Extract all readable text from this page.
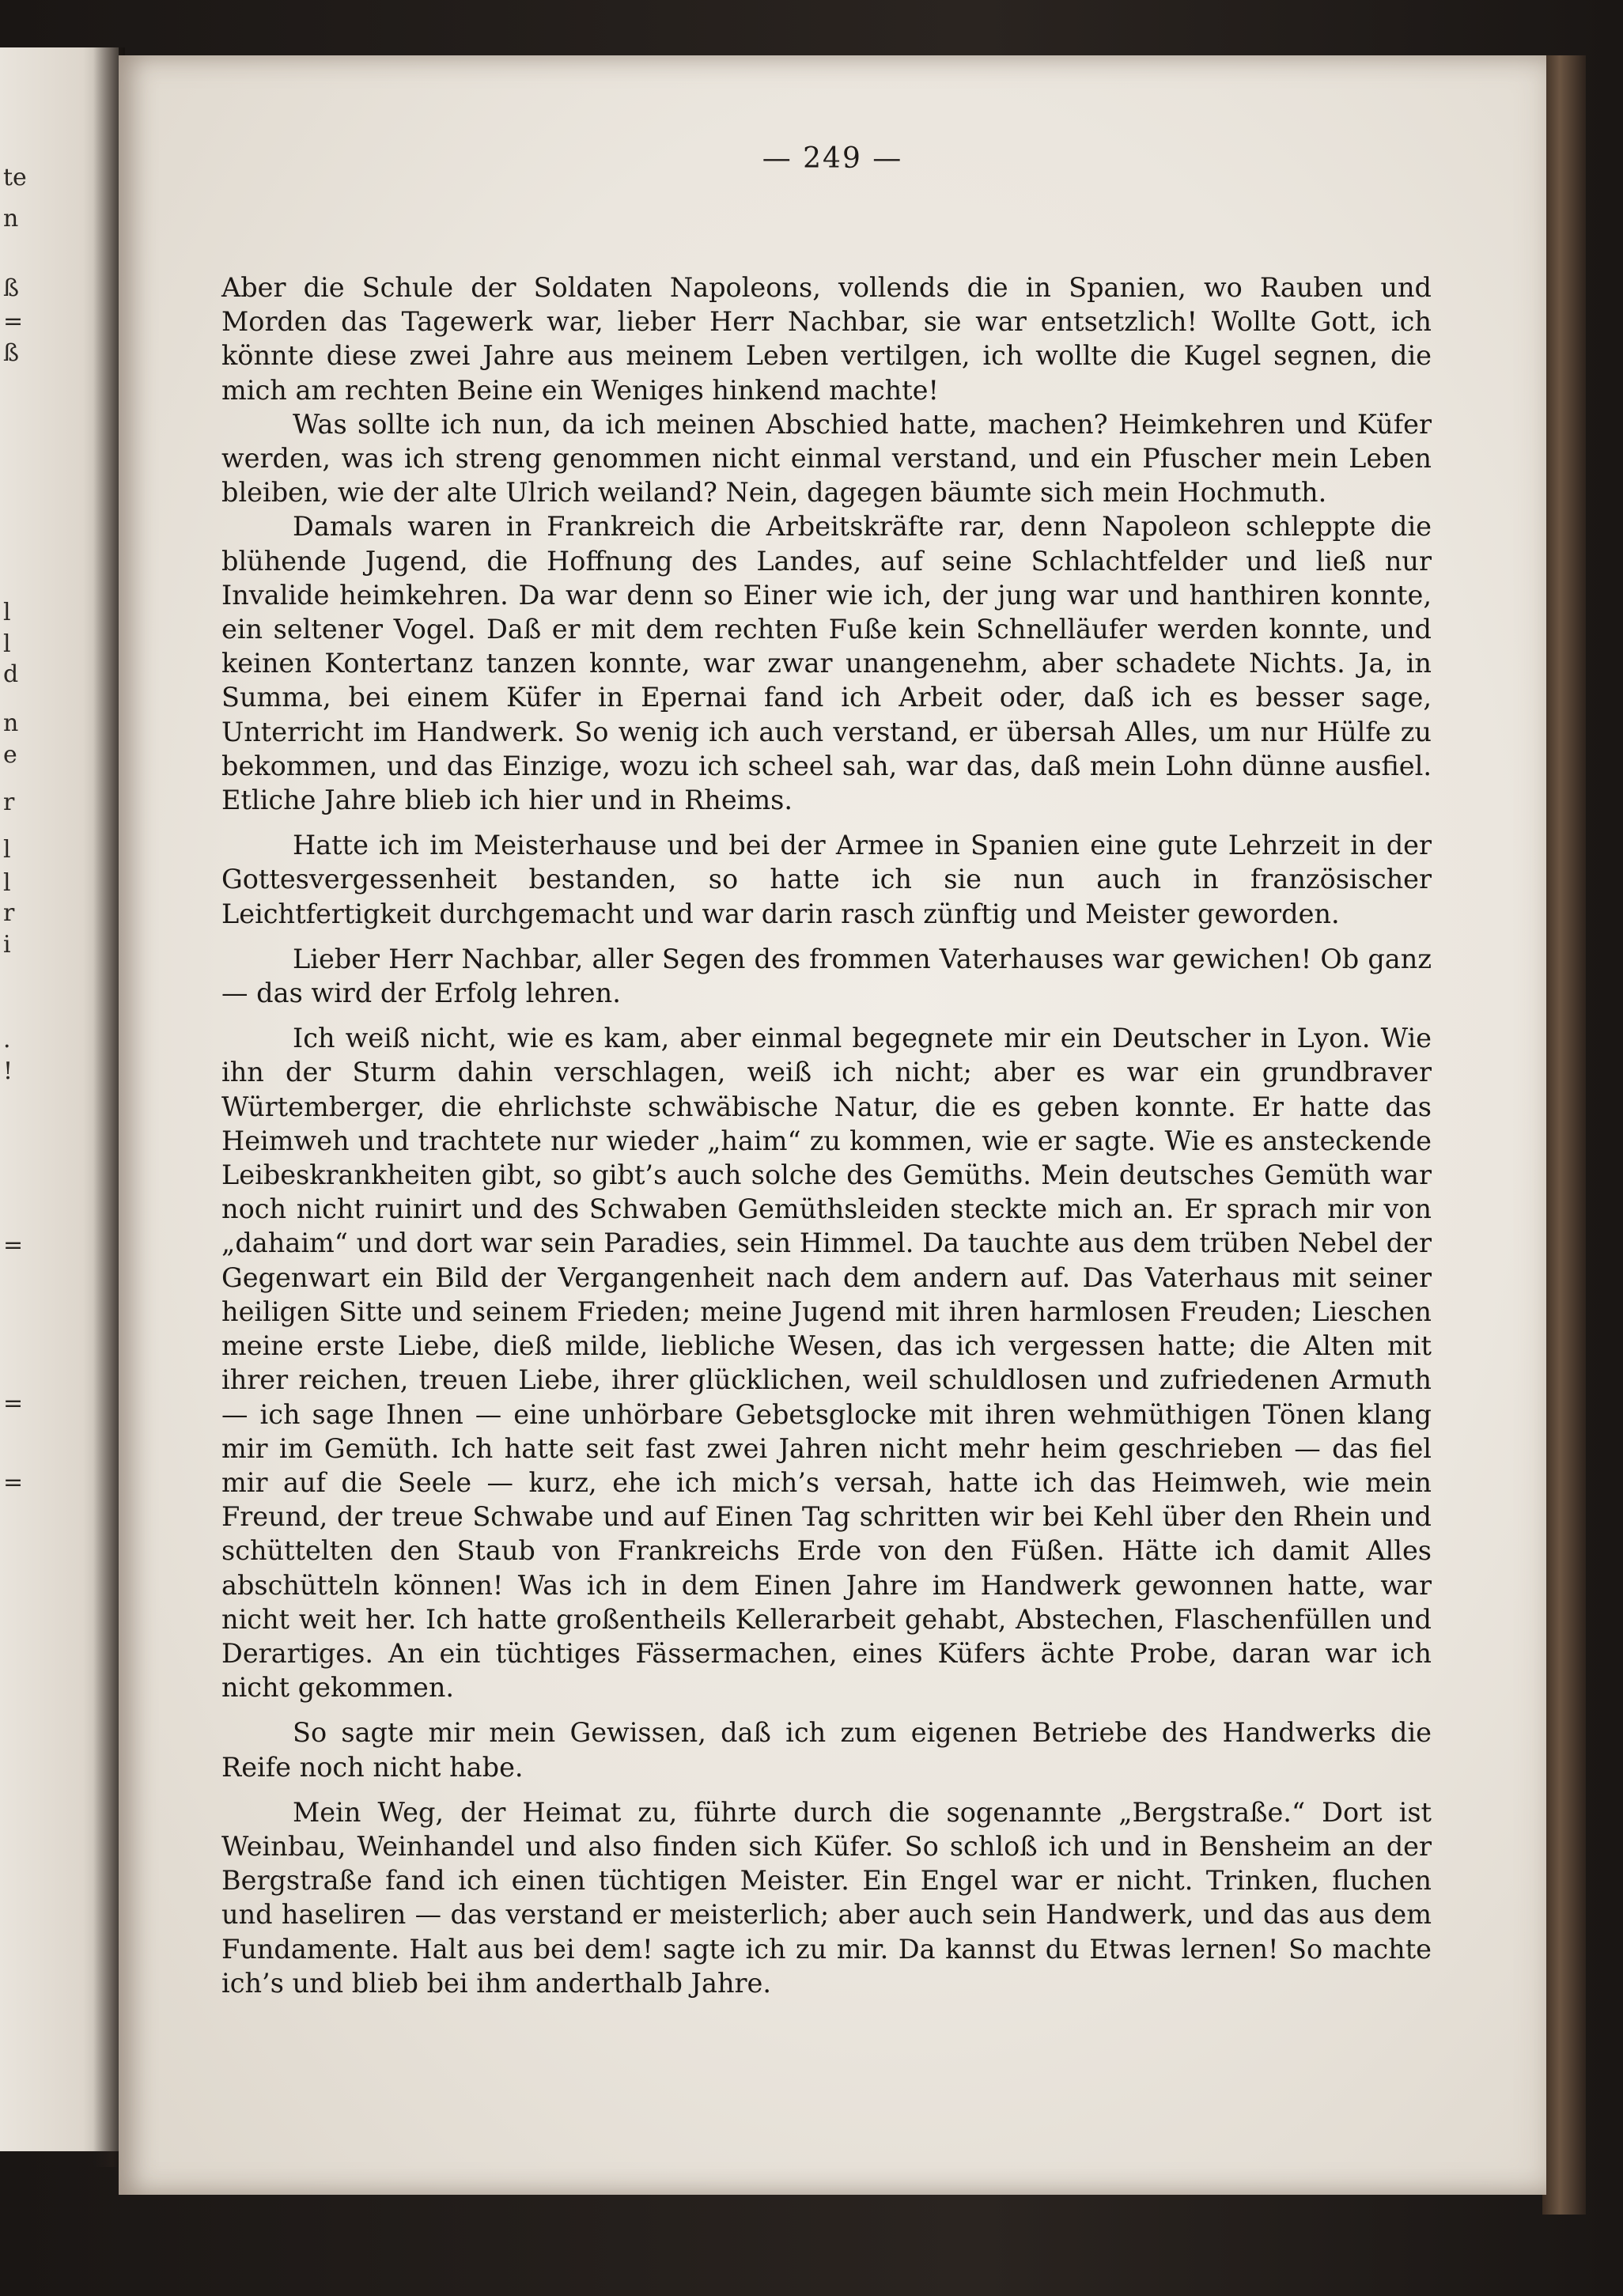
te
n
ß
=
ß
l
l
d
n
e
r
l
l
r
i
.
!
=
=
=
— 249 —

Aber die Schule der Soldaten Napoleons, vollends die in Spanien, wo Rauben und Morden das Tagewerk war, lieber Herr Nachbar, sie war entsetzlich! Wollte Gott, ich könnte diese zwei Jahre aus meinem Leben vertilgen, ich wollte die Kugel segnen, die mich am rechten Beine ein Weniges hinkend machte!

Was sollte ich nun, da ich meinen Abschied hatte, machen? Heimkehren und Küfer werden, was ich streng genommen nicht einmal verstand, und ein Pfuscher mein Leben bleiben, wie der alte Ulrich weiland? Nein, dagegen bäumte sich mein Hochmuth.

Damals waren in Frankreich die Arbeitskräfte rar, denn Napoleon schleppte die blühende Jugend, die Hoffnung des Landes, auf seine Schlachtfelder und ließ nur Invalide heimkehren. Da war denn so Einer wie ich, der jung war und hanthiren konnte, ein seltener Vogel. Daß er mit dem rechten Fuße kein Schnelläufer werden konnte, und keinen Kontertanz tanzen konnte, war zwar unangenehm, aber schadete Nichts. Ja, in Summa, bei einem Küfer in Epernai fand ich Arbeit oder, daß ich es besser sage, Unterricht im Handwerk. So wenig ich auch verstand, er übersah Alles, um nur Hülfe zu bekommen, und das Einzige, wozu ich scheel sah, war das, daß mein Lohn dünne ausfiel. Etliche Jahre blieb ich hier und in Rheims.

Hatte ich im Meisterhause und bei der Armee in Spanien eine gute Lehrzeit in der Gottesvergessenheit bestanden, so hatte ich sie nun auch in französischer Leichtfertigkeit durchgemacht und war darin rasch zünftig und Meister geworden.

Lieber Herr Nachbar, aller Segen des frommen Vaterhauses war gewichen! Ob ganz — das wird der Erfolg lehren.

Ich weiß nicht, wie es kam, aber einmal begegnete mir ein Deutscher in Lyon. Wie ihn der Sturm dahin verschlagen, weiß ich nicht; aber es war ein grundbraver Würtemberger, die ehrlichste schwäbische Natur, die es geben konnte. Er hatte das Heimweh und trachtete nur wieder „haim“ zu kommen, wie er sagte. Wie es ansteckende Leibeskrankheiten gibt, so gibt’s auch solche des Gemüths. Mein deutsches Gemüth war noch nicht ruinirt und des Schwaben Gemüthsleiden steckte mich an. Er sprach mir von „dahaim“ und dort war sein Paradies, sein Himmel. Da tauchte aus dem trüben Nebel der Gegenwart ein Bild der Vergangenheit nach dem andern auf. Das Vaterhaus mit seiner heiligen Sitte und seinem Frieden; meine Jugend mit ihren harmlosen Freuden; Lieschen meine erste Liebe, dieß milde, liebliche Wesen, das ich vergessen hatte; die Alten mit ihrer reichen, treuen Liebe, ihrer glücklichen, weil schuldlosen und zufriedenen Armuth — ich sage Ihnen — eine unhörbare Gebetsglocke mit ihren wehmüthigen Tönen klang mir im Gemüth. Ich hatte seit fast zwei Jahren nicht mehr heim geschrieben — das fiel mir auf die Seele — kurz, ehe ich mich’s versah, hatte ich das Heimweh, wie mein Freund, der treue Schwabe und auf Einen Tag schritten wir bei Kehl über den Rhein und schüttelten den Staub von Frankreichs Erde von den Füßen. Hätte ich damit Alles abschütteln können! Was ich in dem Einen Jahre im Handwerk gewonnen hatte, war nicht weit her. Ich hatte großentheils Kellerarbeit gehabt, Abstechen, Flaschenfüllen und Derartiges. An ein tüchtiges Fässermachen, eines Küfers ächte Probe, daran war ich nicht gekommen.

So sagte mir mein Gewissen, daß ich zum eigenen Betriebe des Handwerks die Reife noch nicht habe.

Mein Weg, der Heimat zu, führte durch die sogenannte „Bergstraße.“ Dort ist Weinbau, Weinhandel und also finden sich Küfer. So schloß ich und in Bensheim an der Bergstraße fand ich einen tüchtigen Meister. Ein Engel war er nicht. Trinken, fluchen und haseliren — das verstand er meisterlich; aber auch sein Handwerk, und das aus dem Fundamente. Halt aus bei dem! sagte ich zu mir. Da kannst du Etwas lernen! So machte ich’s und blieb bei ihm anderthalb Jahre.
